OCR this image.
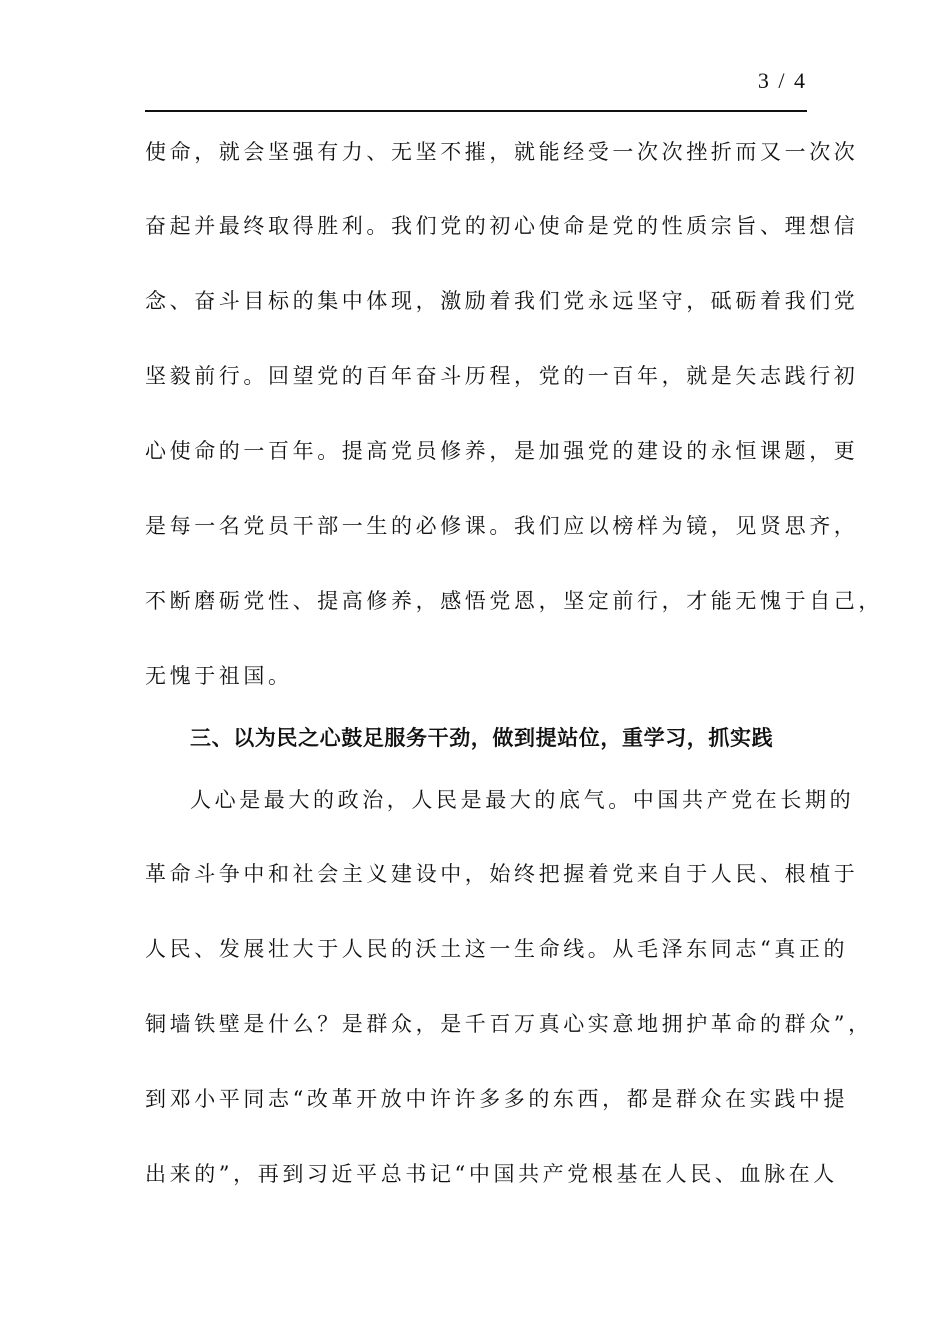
3 / 4
使命，就会坚强有力、无坚不摧，就能经受一次次挫折而又一次次
奋起并最终取得胜利。我们党的初心使命是党的性质宗旨、理想信
念、奋斗目标的集中体现，激励着我们党永远坚守，砥砺着我们党
坚毅前行。回望党的百年奋斗历程，党的一百年，就是矢志践行初
心使命的一百年。提高党员修养，是加强党的建设的永恒课题，更
是每一名党员干部一生的必修课。我们应以榜样为镜，见贤思齐，
不断磨砺党性、提高修养，感悟党恩，坚定前行，才能无愧于自己，
无愧于祖国。
三、以为民之心鼓足服务干劲，做到提站位，重学习，抓实践
人心是最大的政治，人民是最大的底气。中国共产党在长期的
革命斗争中和社会主义建设中，始终把握着党来自于人民、根植于
人民、发展壮大于人民的沃土这一生命线。从毛泽东同志“真正的
铜墙铁壁是什么？是群众，是千百万真心实意地拥护革命的群众”，
到邓小平同志“改革开放中许许多多的东西，都是群众在实践中提
出来的”，再到习近平总书记“中国共产党根基在人民、血脉在人
